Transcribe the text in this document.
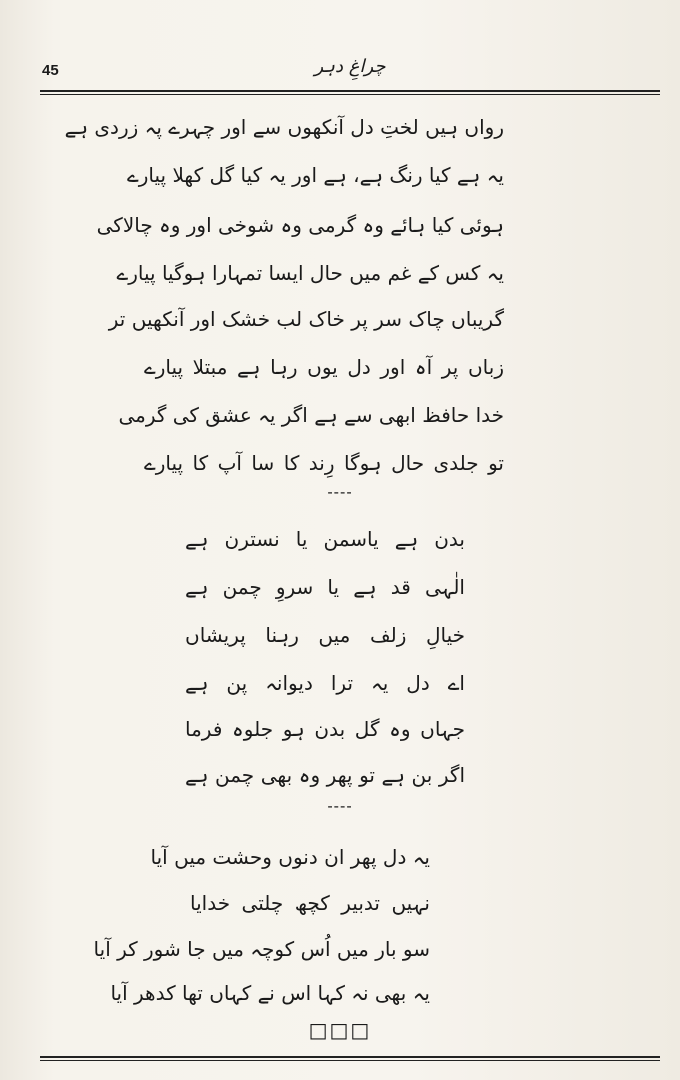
45	چراغِ دہر
رواں ہیں لختِ دل آنکھوں سے اور چہرے پہ زردی ہے
یہ ہے کیا رنگ ہے، ہے اور یہ کیا گل کھلا پیارے
ہوئی کیا ہائے وہ گرمی وہ شوخی اور وہ چالاکی
یہ کس کے غم میں حال ایسا تمہارا ہوگیا پیارے
گریباں چاک سر پر خاک لب خشک اور آنکھیں تر
زباں پر آہ اور دل یوں رہا ہے مبتلا پیارے
خدا حافظ ابھی سے ہے اگر یہ عشق کی گرمی
تو جلدی حال ہوگا رِند کا سا آپ کا پیارے
----
بدن ہے یاسمن یا نسترن ہے
الٰہی قد ہے یا سروِ چمن ہے
خیالِ زلف میں رہنا پریشاں
اے دل یہ ترا دیوانہ پن ہے
جہاں وہ گل بدن ہو جلوہ فرما
اگر بن ہے تو پھر وہ بھی چمن ہے
----
یہ دل پھر ان دنوں وحشت میں آیا
نہیں تدبیر کچھ چلتی خدایا
سو بار میں اُس کوچہ میں جا شور کر آیا
یہ بھی نہ کہا اس نے کہاں تھا کدھر آیا
□□□
